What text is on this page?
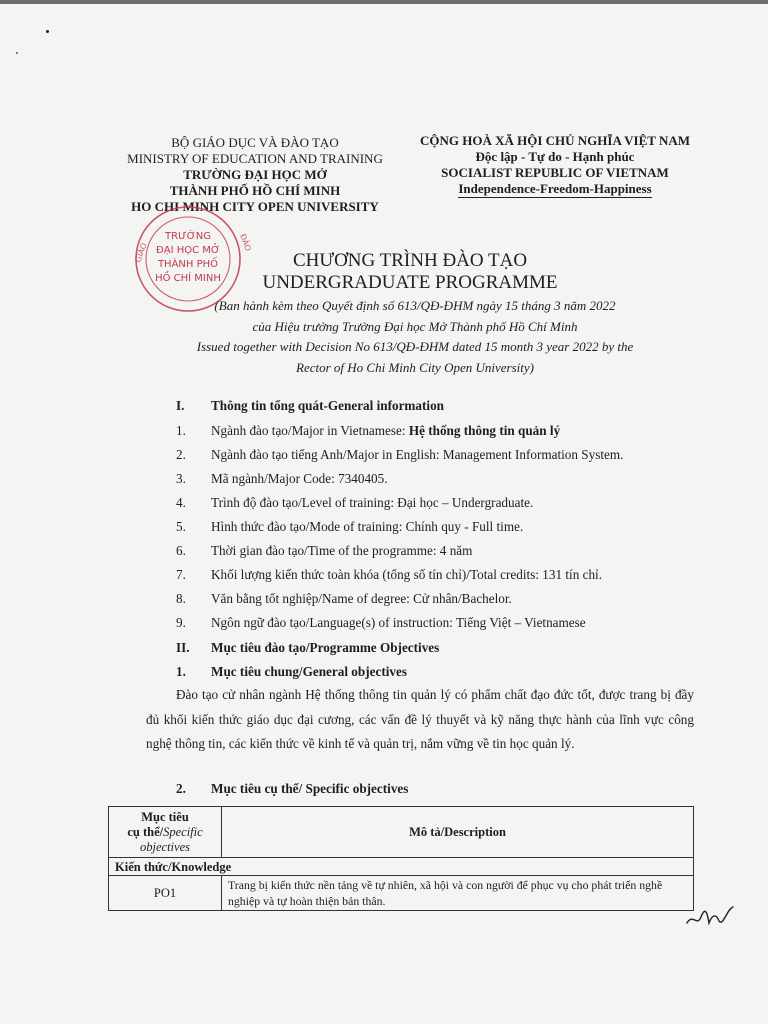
BỘ GIÁO DỤC VÀ ĐÀO TẠO
MINISTRY OF EDUCATION AND TRAINING
TRƯỜNG ĐẠI HỌC MỞ
THÀNH PHỐ HỒ CHÍ MINH
HO CHI MINH CITY OPEN UNIVERSITY
CỘNG HOÀ XÃ HỘI CHỦ NGHĨA VIỆT NAM
Độc lập - Tự do - Hạnh phúc
SOCIALIST REPUBLIC OF VIETNAM
Independence-Freedom-Happiness
GIÁO	ĐÀO
TRƯỜNG
ĐẠI HỌC MỞ
THÀNH PHỐ
HỒ CHÍ MINH
CHƯƠNG TRÌNH ĐÀO TẠO
UNDERGRADUATE PROGRAMME
(Ban hành kèm theo Quyết định số 613/QĐ-ĐHM ngày 15 tháng 3 năm 2022
của Hiệu trưởng Trường Đại học Mở Thành phố Hồ Chí Minh
Issued together with Decision No 613/QĐ-ĐHM dated 15 month 3 year 2022 by the
Rector of Ho Chi Minh City Open University)
I. Thông tin tổng quát-General information
1. Ngành đào tạo/Major in Vietnamese: Hệ thống thông tin quản lý
2. Ngành đào tạo tiếng Anh/Major in English: Management Information System.
3. Mã ngành/Major Code: 7340405.
4. Trình độ đào tạo/Level of training: Đại học – Undergraduate.
5. Hình thức đào tạo/Mode of training: Chính quy - Full time.
6. Thời gian đào tạo/Time of the programme: 4 năm
7. Khối lượng kiến thức toàn khóa (tổng số tín chỉ)/Total credits: 131 tín chỉ.
8. Văn bằng tốt nghiệp/Name of degree: Cử nhân/Bachelor.
9. Ngôn ngữ đào tạo/Language(s) of instruction: Tiếng Việt – Vietnamese
II. Mục tiêu đào tạo/Programme Objectives
1. Mục tiêu chung/General objectives
Đào tạo cử nhân ngành Hệ thống thông tin quản lý có phẩm chất đạo đức tốt, được trang bị đầy đủ khối kiến thức giáo dục đại cương, các vấn đề lý thuyết và kỹ năng thực hành của lĩnh vực công nghệ thông tin, các kiến thức về kinh tế và quản trị, nắm vững về tin học quản lý.
2. Mục tiêu cụ thể/ Specific objectives
Mục tiêu
cụ thể/Specific
objectives	Mô tả/Description
Kiến thức/Knowledge	
PO1	Trang bị kiến thức nền tảng về tự nhiên, xã hội và con người để phục vụ cho phát triển nghề nghiệp và tự hoàn thiện bản thân.
